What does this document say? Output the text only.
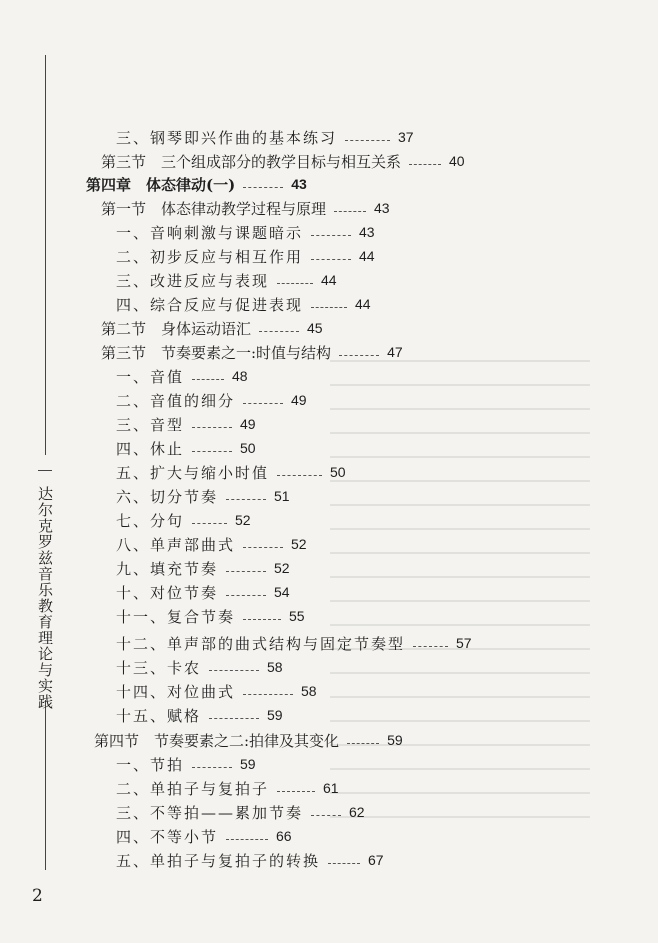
达尔克罗兹音乐教育理论与实践
三、钢琴即兴作曲的基本练习	37
第三节　三个组成部分的教学目标与相互关系	40
第四章　体态律动(一)	43
第一节　体态律动教学过程与原理	43
一、音响刺激与课题暗示	43
二、初步反应与相互作用	44
三、改进反应与表现	44
四、综合反应与促进表现	44
第二节　身体运动语汇	45
第三节　节奏要素之一:时值与结构	47
一、音值	48
二、音值的细分	49
三、音型	49
四、休止	50
五、扩大与缩小时值	50
六、切分节奏	51
七、分句	52
八、单声部曲式	52
九、填充节奏	52
十、对位节奏	54
十一、复合节奏	55
十二、单声部的曲式结构与固定节奏型	57
十三、卡农	58
十四、对位曲式	58
十五、赋格	59
第四节　节奏要素之二:拍律及其变化	59
一、节拍	59
二、单拍子与复拍子	61
三、不等拍——累加节奏	62
四、不等小节	66
五、单拍子与复拍子的转换	67
2
